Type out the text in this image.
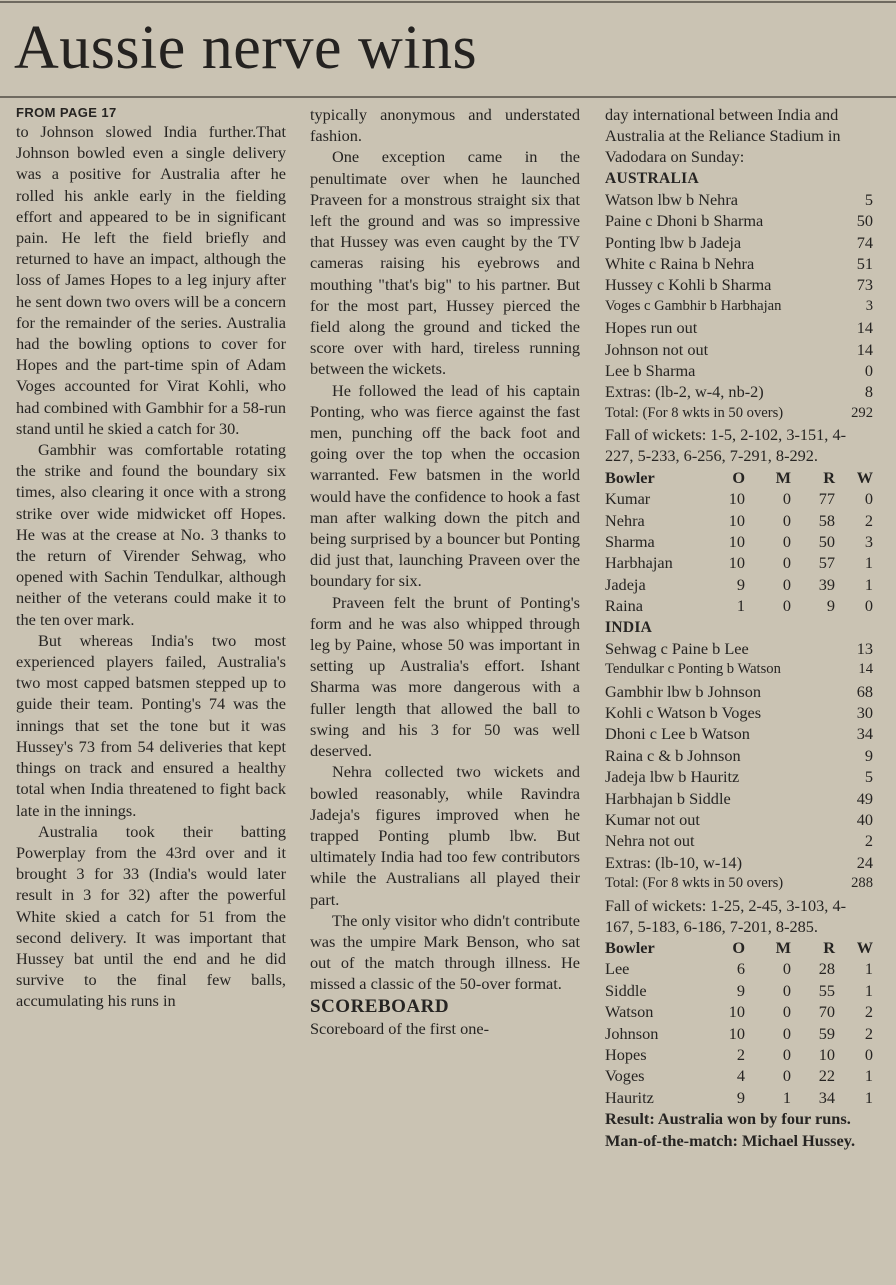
Aussie nerve wins

FROM PAGE 17

to Johnson slowed India further.That Johnson bowled even a single delivery was a positive for Australia after he rolled his ankle early in the fielding effort and appeared to be in significant pain. He left the field briefly and returned to have an impact, although the loss of James Hopes to a leg injury after he sent down two overs will be a concern for the remainder of the series. Australia had the bowling options to cover for Hopes and the part-time spin of Adam Voges accounted for Virat Kohli, who had combined with Gambhir for a 58-run stand until he skied a catch for 30.

Gambhir was comfortable rotating the strike and found the boundary six times, also clearing it once with a strong strike over wide midwicket off Hopes. He was at the crease at No. 3 thanks to the return of Virender Sehwag, who opened with Sachin Tendulkar, although neither of the veterans could make it to the ten over mark.

But whereas India's two most experienced players failed, Australia's two most capped batsmen stepped up to guide their team. Ponting's 74 was the innings that set the tone but it was Hussey's 73 from 54 deliveries that kept things on track and ensured a healthy total when India threatened to fight back late in the innings.

Australia took their batting Powerplay from the 43rd over and it brought 3 for 33 (India's would later result in 3 for 32) after the powerful White skied a catch for 51 from the second delivery. It was important that Hussey bat until the end and he did survive to the final few balls, accumulating his runs in

typically anonymous and understated fashion.

One exception came in the penultimate over when he launched Praveen for a monstrous straight six that left the ground and was so impressive that Hussey was even caught by the TV cameras raising his eyebrows and mouthing "that's big" to his partner. But for the most part, Hussey pierced the field along the ground and ticked the score over with hard, tireless running between the wickets.

He followed the lead of his captain Ponting, who was fierce against the fast men, punching off the back foot and going over the top when the occasion warranted. Few batsmen in the world would have the confidence to hook a fast man after walking down the pitch and being surprised by a bouncer but Ponting did just that, launching Praveen over the boundary for six.

Praveen felt the brunt of Ponting's form and he was also whipped through leg by Paine, whose 50 was important in setting up Australia's effort. Ishant Sharma was more dangerous with a fuller length that allowed the ball to swing and his 3 for 50 was well deserved.

Nehra collected two wickets and bowled reasonably, while Ravindra Jadeja's figures improved when he trapped Ponting plumb lbw. But ultimately India had too few contributors while the Australians all played their part.

The only visitor who didn't contribute was the umpire Mark Benson, who sat out of the match through illness. He missed a classic of the 50-over format.

SCOREBOARD

Scoreboard of the first one-

day international between India and Australia at the Reliance Stadium in Vadodara on Sunday:

AUSTRALIA
Watson lbw b Nehra	5
Paine c Dhoni b Sharma	50
Ponting lbw b Jadeja	74
White c Raina b Nehra	51
Hussey c Kohli b Sharma	73
Voges c Gambhir b Harbhajan	3
Hopes run out	14
Johnson not out	14
Lee b Sharma	0
Extras: (lb-2, w-4, nb-2)	8
Total: (For 8 wkts in 50 overs)	292

Fall of wickets: 1-5, 2-102, 3-151, 4-227, 5-233, 6-256, 7-291, 8-292.

Bowler	O	M	R	W
Kumar	10	0	77	0
Nehra	10	0	58	2
Sharma	10	0	50	3
Harbhajan	10	0	57	1
Jadeja	9	0	39	1
Raina	1	0	9	0
INDIA
Sehwag c Paine b Lee	13
Tendulkar c Ponting b Watson	14
Gambhir lbw b Johnson	68
Kohli c Watson b Voges	30
Dhoni c Lee b Watson	34
Raina c & b Johnson	9
Jadeja lbw b Hauritz	5
Harbhajan b Siddle	49
Kumar not out	40
Nehra not out	2
Extras: (lb-10, w-14)	24
Total: (For 8 wkts in 50 overs)	288

Fall of wickets: 1-25, 2-45, 3-103, 4-167, 5-183, 6-186, 7-201, 8-285.

Bowler	O	M	R	W
Lee	6	0	28	1
Siddle	9	0	55	1
Watson	10	0	70	2
Johnson	10	0	59	2
Hopes	2	0	10	0
Voges	4	0	22	1
Hauritz	9	1	34	1

Result: Australia won by four runs.

Man-of-the-match: Michael Hussey.
